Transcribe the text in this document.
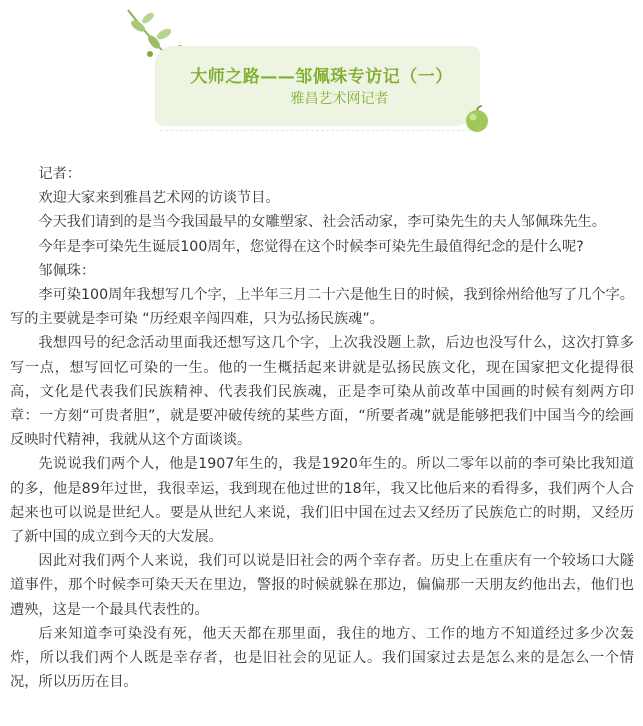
大师之路——邹佩珠专访记（一）
雅昌艺术网记者

记者：

欢迎大家来到雅昌艺术网的访谈节目。

今天我们请到的是当今我国最早的女雕塑家、社会活动家，李可染先生的夫人邹佩珠先生。

今年是李可染先生诞辰100周年，您觉得在这个时候李可染先生最值得纪念的是什么呢?

邹佩珠：

李可染100周年我想写几个字，上半年三月二十六是他生日的时候，我到徐州给他写了几个字。写的主要就是李可染 “历经艰辛闯四难，只为弘扬民族魂”。

我想四号的纪念活动里面我还想写这几个字，上次我没题上款，后边也没写什么，这次打算多写一点，想写回忆可染的一生。他的一生概括起来讲就是弘扬民族文化，现在国家把文化提得很高，文化是代表我们民族精神、代表我们民族魂，正是李可染从前改革中国画的时候有刻两方印章：一方刻“可贵者胆”，就是要冲破传统的某些方面，“所要者魂”就是能够把我们中国当今的绘画反映时代精神，我就从这个方面谈谈。

先说说我们两个人，他是1907年生的，我是1920年生的。所以二零年以前的李可染比我知道的多，他是89年过世，我很幸运，我到现在他过世的18年，我又比他后来的看得多，我们两个人合起来也可以说是世纪人。要是从世纪人来说，我们旧中国在过去又经历了民族危亡的时期，又经历了新中国的成立到今天的大发展。

因此对我们两个人来说，我们可以说是旧社会的两个幸存者。历史上在重庆有一个较场口大隧道事件，那个时候李可染天天在里边，警报的时候就躲在那边，偏偏那一天朋友约他出去，他们也遭殃，这是一个最具代表性的。

后来知道李可染没有死，他天天都在那里面，我住的地方、工作的地方不知道经过多少次轰炸，所以我们两个人既是幸存者，也是旧社会的见证人。我们国家过去是怎么来的是怎么一个情况，所以历历在目。
